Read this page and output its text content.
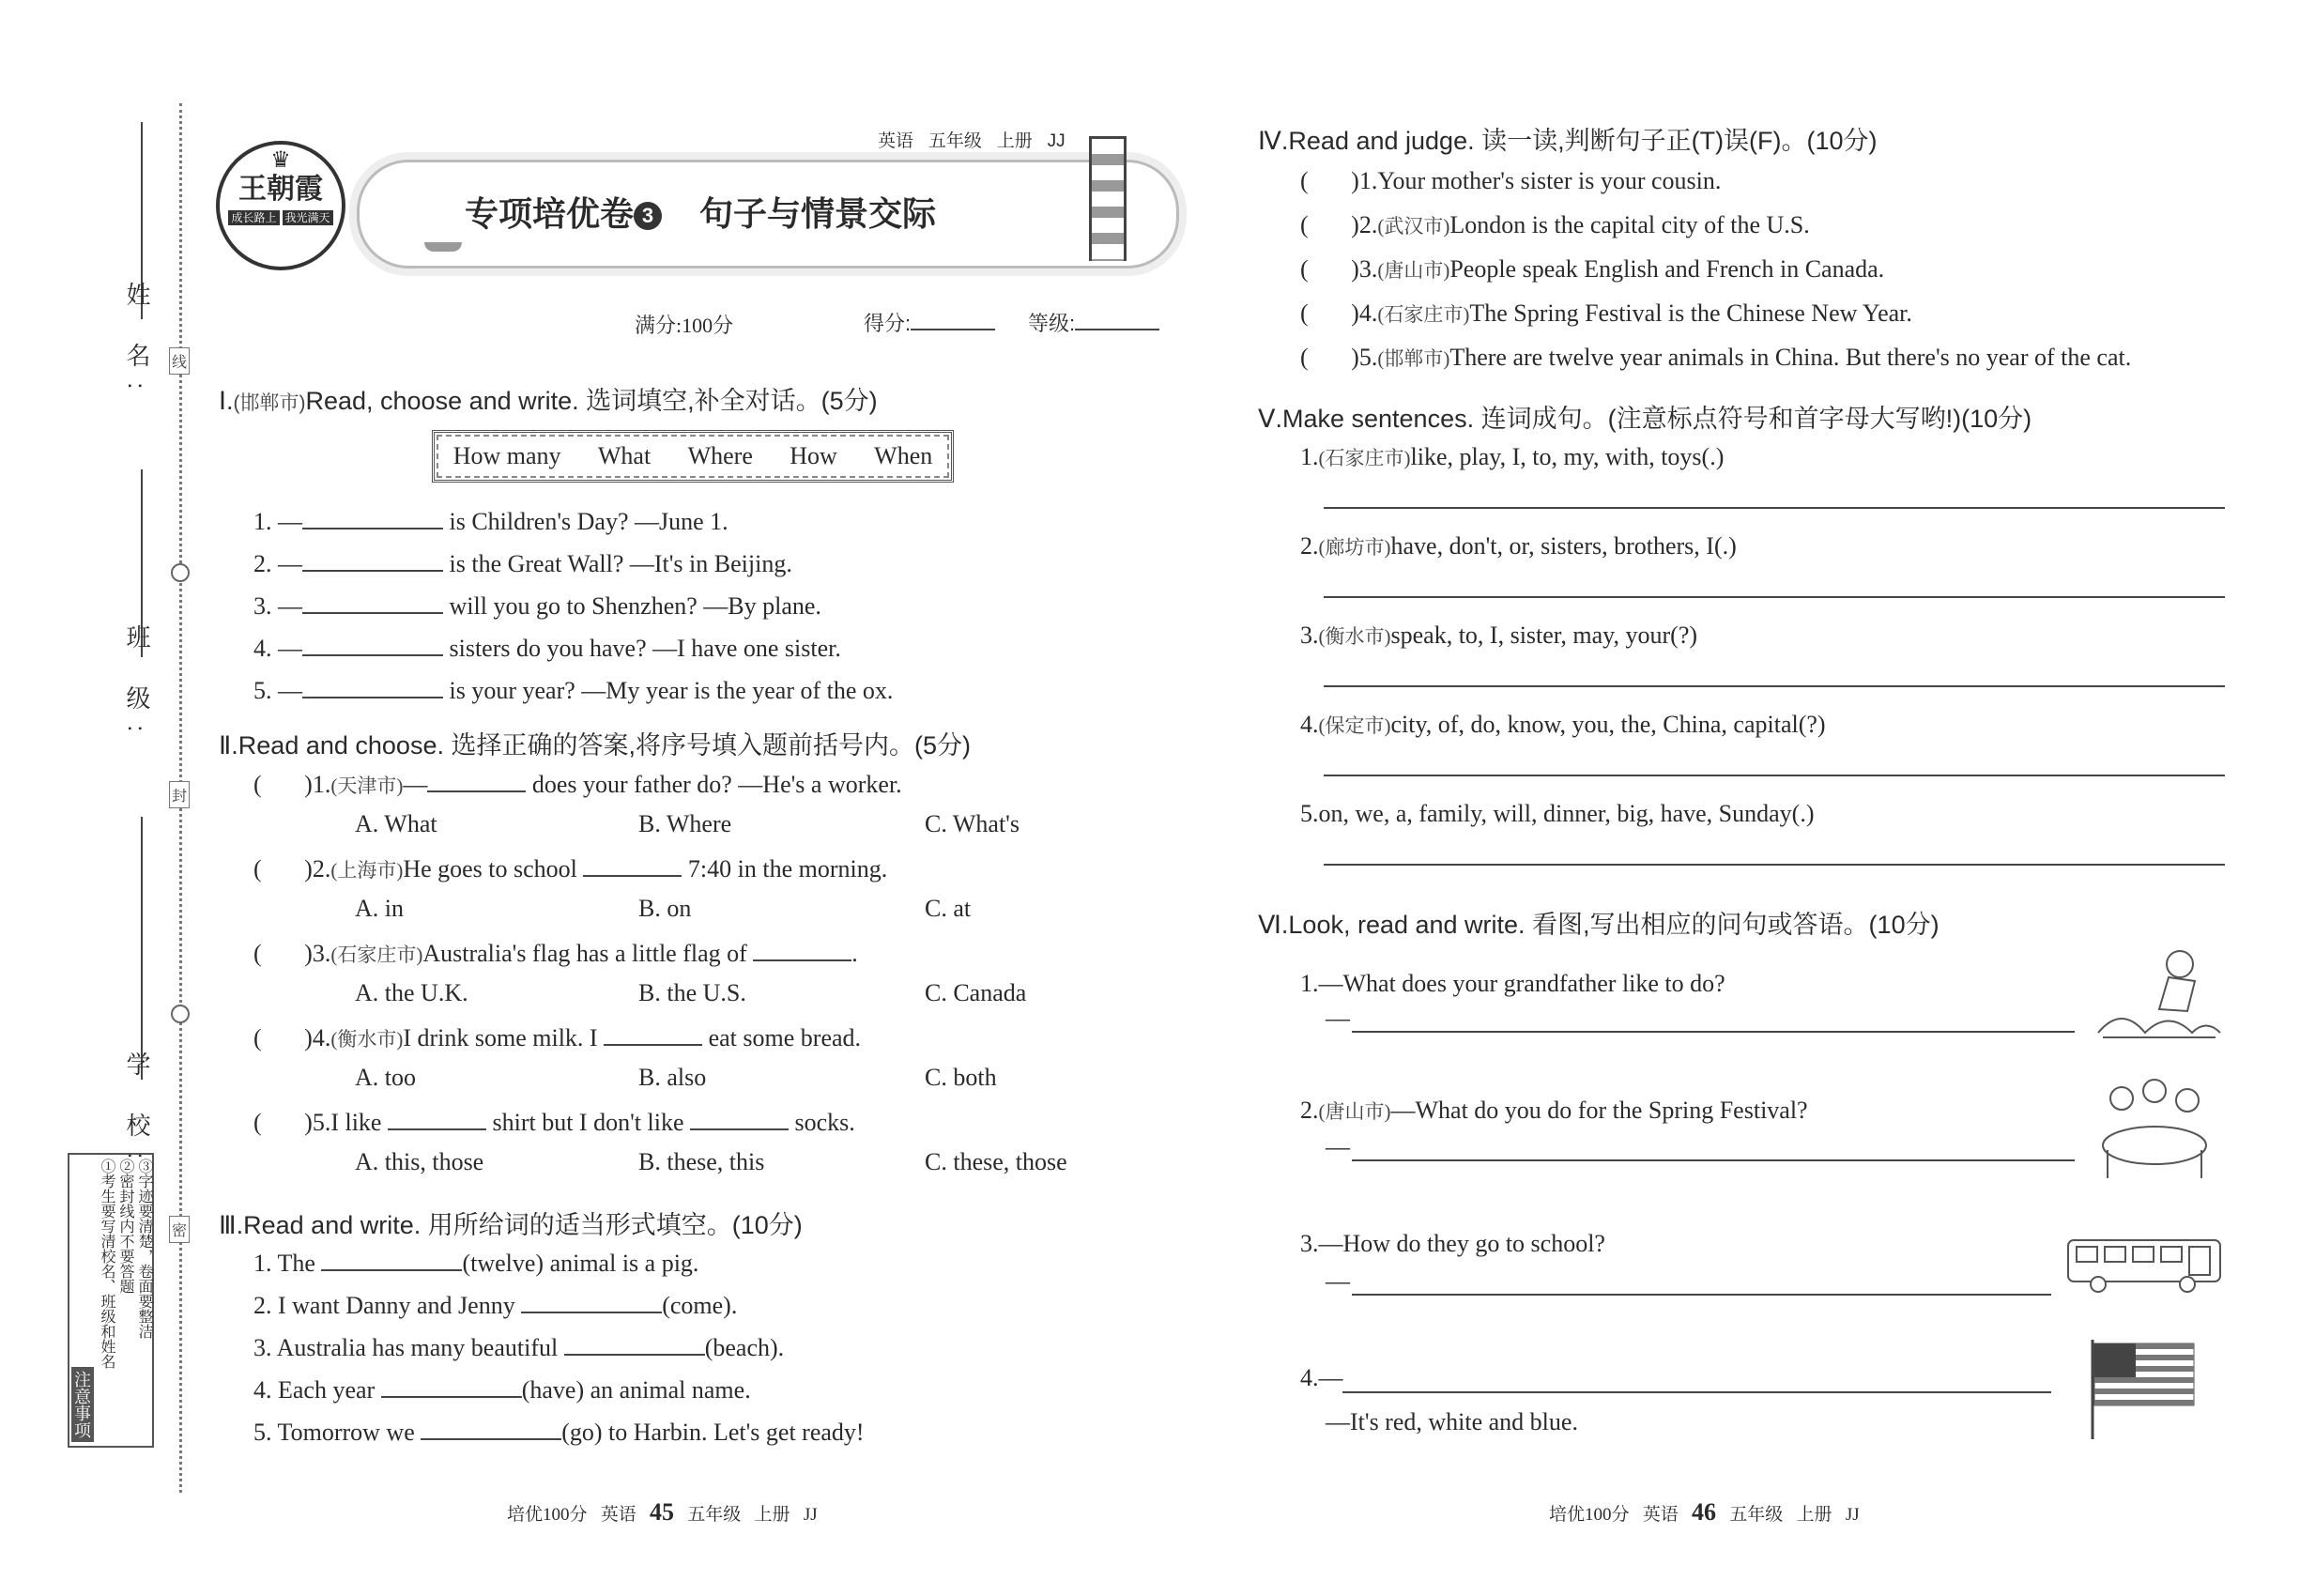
姓 名:
班 级:
学 校:
线
封
密
注意事项
①考生要写清校名、班级和姓名 ②密封线内不要答题 ③字迹要清楚，卷面要整洁
♛
王朝霞
成长路上 我光满天
英语 五年级 上册 JJ
专项培优卷 3 句子与情景交际
满分:100分	得分:	等级:
Ⅰ.(邯郸市)Read, choose and write. 选词填空,补全对话。(5分)
How many What Where How When
1. —	is Children's Day? —June 1.
2. —	is the Great Wall? —It's in Beijing.
3. —	will you go to Shenzhen? —By plane.
4. —	sisters do you have? —I have one sister.
5. —	is your year? —My year is the year of the ox.
Ⅱ.Read and choose. 选择正确的答案,将序号填入题前括号内。(5分)
(       )1.(天津市)—	does your father do? —He's a worker.
A. What	B. Where	C. What's
(       )2.(上海市)He goes to school	7:40 in the morning.
A. in	B. on	C. at
(       )3.(石家庄市)Australia's flag has a little flag of	.
A. the U.K.	B. the U.S.	C. Canada
(       )4.(衡水市)I drink some milk. I	eat some bread.
A. too	B. also	C. both
(       )5.I like	shirt but I don't like	socks.
A. this, those	B. these, this	C. these, those
Ⅲ.Read and write. 用所给词的适当形式填空。(10分)
1. The	(twelve) animal is a pig.
2. I want Danny and Jenny	(come).
3. Australia has many beautiful	(beach).
4. Each year	(have) an animal name.
5. Tomorrow we	(go) to Harbin. Let's get ready!
Ⅳ.Read and judge. 读一读,判断句子正(T)误(F)。(10分)
(       )1.Your mother's sister is your cousin.
(       )2.(武汉市)London is the capital city of the U.S.
(       )3.(唐山市)People speak English and French in Canada.
(       )4.(石家庄市)The Spring Festival is the Chinese New Year.
(       )5.(邯郸市)There are twelve year animals in China. But there's no year of the cat.
Ⅴ.Make sentences. 连词成句。(注意标点符号和首字母大写哟!)(10分)
1.(石家庄市)like, play, I, to, my, with, toys(.)
2.(廊坊市)have, don't, or, sisters, brothers, I(.)
3.(衡水市)speak, to, I, sister, may, your(?)
4.(保定市)city, of, do, know, you, the, China, capital(?)
5.on, we, a, family, will, dinner, big, have, Sunday(.)
Ⅵ.Look, read and write. 看图,写出相应的问句或答语。(10分)
1.—What does your grandfather like to do?
—
2.(唐山市)—What do you do for the Spring Festival?
—
3.—How do they go to school?
—
4.—
—It's red, white and blue.
培优100分 英语 45 五年级 上册 JJ	培优100分 英语 46 五年级 上册 JJ
